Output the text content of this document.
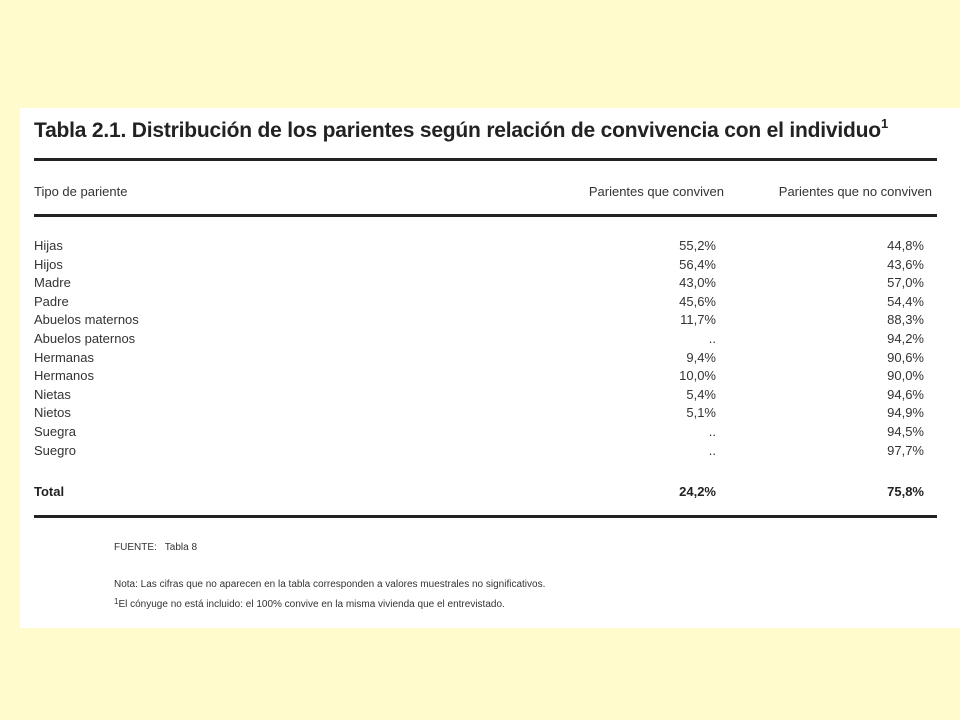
Tabla 2.1. Distribución de los parientes según relación de convivencia con el individuo$^1$
Tipo de pariente	Parientes que conviven	Parientes que no conviven
Hijas	55,2%	44,8%
Hijos	56,4%	43,6%
Madre	43,0%	57,0%
Padre	45,6%	54,4%
Abuelos maternos	11,7%	88,3%
Abuelos paternos	..	94,2%
Hermanas	9,4%	90,6%
Hermanos	10,0%	90,0%
Nietas	5,4%	94,6%
Nietos	5,1%	94,9%
Suegra	..	94,5%
Suegro	..	97,7%
Total	24,2%	75,8%
FUENTE: Tabla 8
Nota: Las cifras que no aparecen en la tabla corresponden a valores muestrales no significativos.
$^1$El cónyuge no está incluido: el 100% convive en la misma vivienda que el entrevistado.
